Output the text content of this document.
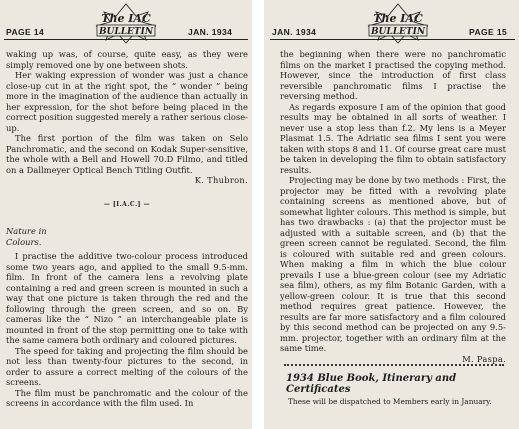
PAGE 14
The IAC
BULLETIN	JAN. 1934

waking up was, of course, quite easy, as they were simply removed one by one between shots.

Her waking expression of wonder was just a chance close-up cut in at the right spot, the “ wonder ” being more in the imagination of the audience than actually in her expression, for the shot before being placed in the correct position suggested merely a rather serious close-up.

The first portion of the film was taken on Selo Panchromatic, and the second on Kodak Super-sensitive, the whole with a Bell and Howell 70.D Filmo, and titled on a Dallmeyer Optical Bench Titling Outfit.

K. Thubron.

— [I.A.C.] —
Nature in
Colours.

I practise the additive two-colour process introduced some two years ago, and applied to the small 9.5-mm. film. In front of the camera lens a revolving plate containing a red and green screen is mounted in such a way that one picture is taken through the red and the following through the green screen, and so on. By cameras like the “ Nizo ” an interchangeable plate is mounted in front of the stop permitting one to take with the same camera both ordinary and coloured pictures.

The speed for taking and projecting the film should be not less than twenty-four pictures to the second, in order to assure a correct melting of the colours of the screens.

The film must be panchromatic and the colour of the screens in accordance with the film used. In

JAN. 1934
The IAC
BULLETIN	PAGE 15

the beginning when there were no panchromatic films on the market I practised the copying method. However, since the introduction of first class reversible panchromatic films I practise the reversing method.

As regards exposure I am of the opinion that good results may be obtained in all sorts of weather. I never use a stop less than f.2. My lens is a Meyer Plasmat 1.5. The Adriatic sea films I sent you were taken with stops 8 and 11. Of course great care must be taken in developing the film to obtain satisfactory results.

Projecting may be done by two methods : First, the projector may be fitted with a revolving plate containing screens as mentioned above, but of somewhat lighter colours. This method is simple, but has two drawbacks : (a) that the projector must be adjusted with a suitable screen, and (b) that the green screen cannot be regulated. Second, the film is coloured with suitable red and green colours. When making a film in which the blue colour prevails I use a blue-green colour (see my Adriatic sea film), others, as my film Botanic Garden, with a yellow-green colour. It is true that this second method requires great patience. However, the results are far more satisfactory and a film coloured by this second method can be projected on any 9.5-mm. projector, together with an ordinary film at the same time.

M. Paspa.

1934 Blue Book, Itinerary and Certificates
These will be dispatched to Members early in January.
